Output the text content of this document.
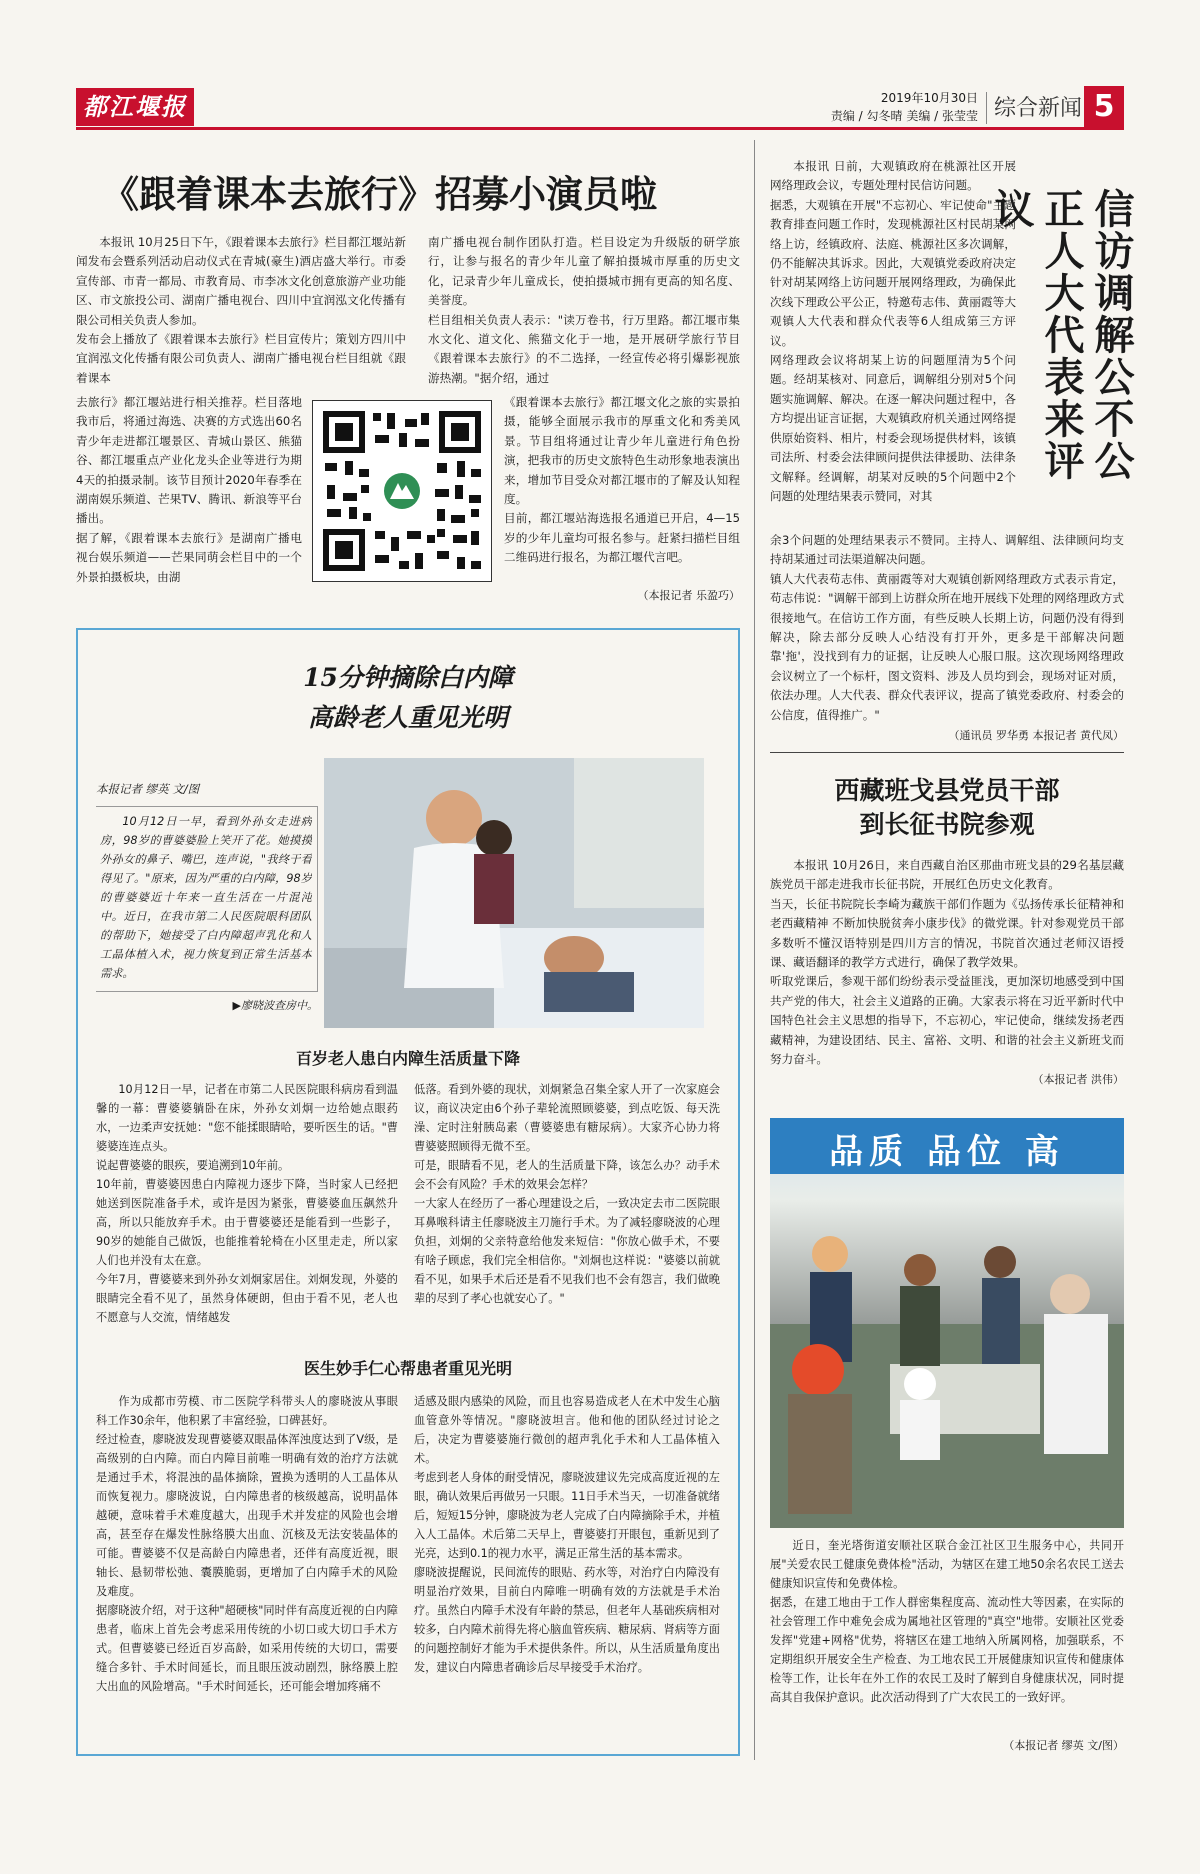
都江堰报	2019年10月30日
责编 / 勾冬晴 美编 / 张莹莹 综合新闻 5
《跟着课本去旅行》招募小演员啦
本报讯 10月25日下午，《跟着课本去旅行》栏目都江堰站新闻发布会暨系列活动启动仪式在青城(豪生)酒店盛大举行。市委宣传部、市青一都局、市教育局、市李冰文化创意旅游产业功能区、市文旅投公司、湖南广播电视台、四川中宜润泓文化传播有限公司相关负责人参加。
发布会上播放了《跟着课本去旅行》栏目宣传片；策划方四川中宜润泓文化传播有限公司负责人、湖南广播电视台栏目组就《跟着课本
去旅行》都江堰站进行相关推荐。栏目落地我市后，将通过海选、决赛的方式选出60名青少年走进都江堰景区、青城山景区、熊猫谷、都江堰重点产业化龙头企业等进行为期4天的拍摄录制。该节目预计2020年春季在湖南娱乐频道、芒果TV、腾讯、新浪等平台播出。
据了解，《跟着课本去旅行》是湖南广播电视台娱乐频道——芒果同萌会栏目中的一个外景拍摄板块，由湖
南广播电视台制作团队打造。栏目设定为升级版的研学旅行，让参与报名的青少年儿童了解拍摄城市厚重的历史文化，记录青少年儿童成长，使拍摄城市拥有更高的知名度、美誉度。
栏目组相关负责人表示："读万卷书，行万里路。都江堰市集水文化、道文化、熊猫文化于一地，是开展研学旅行节目《跟着课本去旅行》的不二选择，一经宣传必将引爆影视旅游热潮。"据介绍，通过
《跟着课本去旅行》都江堰文化之旅的实景拍摄，能够全面展示我市的厚重文化和秀美风景。节目组将通过让青少年儿童进行角色扮演，把我市的历史文旅特色生动形象地表演出来，增加节目受众对都江堰市的了解及认知程度。
目前，都江堰站海选报名通道已开启，4—15岁的少年儿童均可报名参与。赶紧扫描栏目组二维码进行报名，为都江堰代言吧。
（本报记者 乐盈巧）
信访调解公不公正人大代表来评议
本报讯 日前，大观镇政府在桃源社区开展网络理政会议，专题处理村民信访问题。
据悉，大观镇在开展"不忘初心、牢记使命"主题教育排查问题工作时，发现桃源社区村民胡某网络上访，经镇政府、法庭、桃源社区多次调解，仍不能解决其诉求。因此，大观镇党委政府决定针对胡某网络上访问题开展网络理政，为确保此次线下理政公平公正，特邀苟志伟、黄丽霞等大观镇人大代表和群众代表等6人组成第三方评议。
网络理政会议将胡某上访的问题厘清为5个问题。经胡某核对、同意后，调解组分别对5个问题实施调解、解决。在逐一解决问题过程中，各方均提出证言证据，大观镇政府机关通过网络提供原始资料、相片，村委会现场提供材料，该镇司法所、村委会法律顾问提供法律援助、法律条文解释。经调解，胡某对反映的5个问题中2个问题的处理结果表示赞同，对其
余3个问题的处理结果表示不赞同。主持人、调解组、法律顾问均支持胡某通过司法渠道解决问题。
镇人大代表苟志伟、黄丽霞等对大观镇创新网络理政方式表示肯定，苟志伟说："调解干部到上访群众所在地开展线下处理的网络理政方式很接地气。在信访工作方面，有些反映人长期上访，问题仍没有得到解决，除去部分反映人心结没有打开外，更多是干部解决问题靠'拖'，没找到有力的证据，让反映人心服口服。这次现场网络理政会议树立了一个标杆，图文资料、涉及人员均到会，现场对证对质，依法办理。人大代表、群众代表评议，提高了镇党委政府、村委会的公信度，值得推广。"
（通讯员 罗华勇 本报记者 黄代凤）
西藏班戈县党员干部
到长征书院参观
本报讯 10月26日，来自西藏自治区那曲市班戈县的29名基层藏族党员干部走进我市长征书院，开展红色历史文化教育。
当天，长征书院院长李崎为藏族干部们作题为《弘扬传承长征精神和老西藏精神 不断加快脱贫奔小康步伐》的微党课。针对参观党员干部多数听不懂汉语特别是四川方言的情况，书院首次通过老师汉语授课、藏语翻译的教学方式进行，确保了教学效果。
听取党课后，参观干部们纷纷表示受益匪浅，更加深切地感受到中国共产党的伟大，社会主义道路的正确。大家表示将在习近平新时代中国特色社会主义思想的指导下，不忘初心，牢记使命，继续发扬老西藏精神，为建设团结、民主、富裕、文明、和谐的社会主义新班戈而努力奋斗。
（本报记者 洪伟）
品质 品位 高
近日，奎光塔街道安顺社区联合金江社区卫生服务中心，共同开展"关爱农民工健康免费体检"活动，为辖区在建工地50余名农民工送去健康知识宣传和免费体检。
据悉，在建工地由于工作人群密集程度高、流动性大等因素，在实际的社会管理工作中难免会成为属地社区管理的"真空"地带。安顺社区党委发挥"党建+网格"优势，将辖区在建工地纳入所属网格，加强联系，不定期组织开展安全生产检查、为工地农民工开展健康知识宣传和健康体检等工作，让长年在外工作的农民工及时了解到自身健康状况，同时提高其自我保护意识。此次活动得到了广大农民工的一致好评。
（本报记者 缪英 文/图）
15分钟摘除白内障
高龄老人重见光明
本报记者 缪英 文/图
10月12日一早，看到外孙女走进病房，98岁的曹婆婆脸上笑开了花。她摸摸外孙女的鼻子、嘴巴，连声说，"我终于看得见了。"原来，因为严重的白内障，98岁的曹婆婆近十年来一直生活在一片混沌中。近日，在我市第二人民医院眼科团队的帮助下，她接受了白内障超声乳化和人工晶体植入术，视力恢复到正常生活基本需求。
▶廖晓波查房中。
百岁老人患白内障生活质量下降
10月12日一早，记者在市第二人民医院眼科病房看到温馨的一幕：曹婆婆躺卧在床，外孙女刘炯一边给她点眼药水，一边柔声安抚她："您不能揉眼睛哈，要听医生的话。"曹婆婆连连点头。
说起曹婆婆的眼疾，要追溯到10年前。
10年前，曹婆婆因患白内障视力逐步下降，当时家人已经把她送到医院准备手术，或许是因为紧张，曹婆婆血压飙然升高，所以只能放弃手术。由于曹婆婆还是能看到一些影子，90岁的她能自己做饭，也能推着轮椅在小区里走走，所以家人们也并没有太在意。
今年7月，曹婆婆来到外孙女刘炯家居住。刘炯发现，外婆的眼睛完全看不见了，虽然身体硬朗，但由于看不见，老人也不愿意与人交流，情绪越发
低落。看到外婆的现状，刘炯紧急召集全家人开了一次家庭会议，商议决定由6个孙子辈轮流照顾婆婆，到点吃饭、每天洗澡、定时注射胰岛素（曹婆婆患有糖尿病）。大家齐心协力将曹婆婆照顾得无微不至。
可是，眼睛看不见，老人的生活质量下降，该怎么办？动手术会不会有风险？手术的效果会怎样？
一大家人在经历了一番心理建设之后，一致决定去市二医院眼耳鼻喉科请主任廖晓波主刀施行手术。为了减轻廖晓波的心理负担，刘炯的父亲特意给他发来短信："你放心做手术，不要有啥子顾虑，我们完全相信你。"刘炯也这样说："婆婆以前就看不见，如果手术后还是看不见我们也不会有怨言，我们做晚辈的尽到了孝心也就安心了。"
医生妙手仁心帮患者重见光明
作为成都市劳模、市二医院学科带头人的廖晓波从事眼科工作30余年，他积累了丰富经验，口碑甚好。
经过检查，廖晓波发现曹婆婆双眼晶体浑浊度达到了V级，是高级别的白内障。而白内障目前唯一明确有效的治疗方法就是通过手术，将混浊的晶体摘除，置换为透明的人工晶体从而恢复视力。廖晓波说，白内障患者的核级越高，说明晶体越硬，意味着手术难度越大，出现手术并发症的风险也会增高，甚至存在爆发性脉络膜大出血、沉核及无法安装晶体的可能。曹婆婆不仅是高龄白内障患者，还伴有高度近视，眼轴长、悬韧带松弛、囊膜脆弱，更增加了白内障手术的风险及难度。
据廖晓波介绍，对于这种"超硬核"同时伴有高度近视的白内障患者，临床上首先会考虑采用传统的小切口或大切口手术方式。但曹婆婆已经近百岁高龄，如采用传统的大切口，需要缝合多针、手术时间延长，而且眼压波动剧烈，脉络膜上腔大出血的风险增高。"手术时间延长，还可能会增加疼痛不
适感及眼内感染的风险，而且也容易造成老人在术中发生心脑血管意外等情况。"廖晓波坦言。他和他的团队经过讨论之后，决定为曹婆婆施行微创的超声乳化手术和人工晶体植入术。
考虑到老人身体的耐受情况，廖晓波建议先完成高度近视的左眼，确认效果后再做另一只眼。11日手术当天，一切准备就绪后，短短15分钟，廖晓波为老人完成了白内障摘除手术，并植入人工晶体。术后第二天早上，曹婆婆打开眼包，重新见到了光亮，达到0.1的视力水平，满足正常生活的基本需求。
廖晓波提醒说，民间流传的眼贴、药水等，对治疗白内障没有明显治疗效果，目前白内障唯一明确有效的方法就是手术治疗。虽然白内障手术没有年龄的禁忌，但老年人基础疾病相对较多，白内障术前得先将心脑血管疾病、糖尿病、肾病等方面的问题控制好才能为手术提供条件。所以，从生活质量角度出发，建议白内障患者确诊后尽早接受手术治疗。
